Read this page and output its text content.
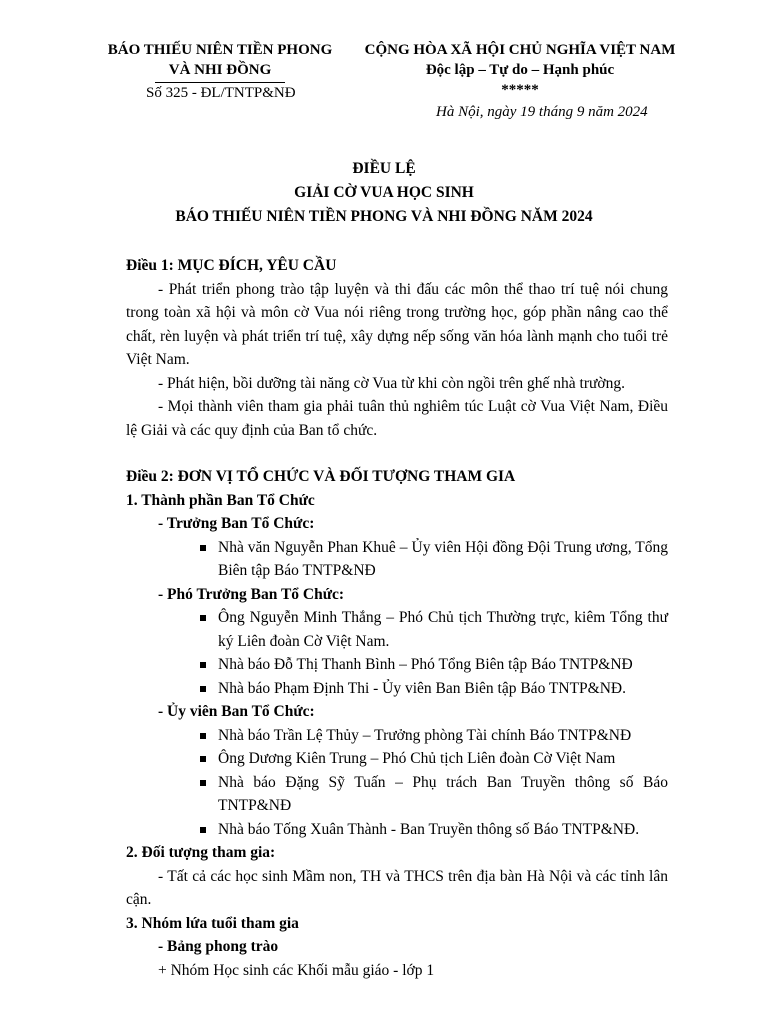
BÁO THIẾU NIÊN TIỀN PHONG
VÀ NHI ĐỒNG
Số 325 - ĐL/TNTP&NĐ
CỘNG HÒA XÃ HỘI CHỦ NGHĨA VIỆT NAM
Độc lập – Tự do – Hạnh phúc
*****
Hà Nội, ngày 19 tháng 9 năm 2024
ĐIỀU LỆ
GIẢI CỜ VUA HỌC SINH
BÁO THIẾU NIÊN TIỀN PHONG VÀ NHI ĐỒNG NĂM 2024

Điều 1: MỤC ĐÍCH, YÊU CẦU

- Phát triển phong trào tập luyện và thi đấu các môn thể thao trí tuệ nói chung trong toàn xã hội và môn cờ Vua nói riêng trong trường học, góp phần nâng cao thể chất, rèn luyện và phát triển trí tuệ, xây dựng nếp sống văn hóa lành mạnh cho tuổi trẻ Việt Nam.

- Phát hiện, bồi dưỡng tài năng cờ Vua từ khi còn ngồi trên ghế nhà trường.

- Mọi thành viên tham gia phải tuân thủ nghiêm túc Luật cờ Vua Việt Nam, Điều lệ Giải và các quy định của Ban tổ chức.

Điều 2: ĐƠN VỊ TỔ CHỨC VÀ ĐỐI TƯỢNG THAM GIA

1. Thành phần Ban Tổ Chức

- Trưởng Ban Tổ Chức:

Nhà văn Nguyễn Phan Khuê – Ủy viên Hội đồng Đội Trung ương, Tổng Biên tập Báo TNTP&NĐ

- Phó Trưởng Ban Tổ Chức:

Ông Nguyễn Minh Thắng – Phó Chủ tịch Thường trực, kiêm Tổng thư ký Liên đoàn Cờ Việt Nam.
Nhà báo Đỗ Thị Thanh Bình – Phó Tổng Biên tập Báo TNTP&NĐ
Nhà báo Phạm Định Thi - Ủy viên Ban Biên tập Báo TNTP&NĐ.

- Ủy viên Ban Tổ Chức:

Nhà báo Trần Lệ Thủy – Trưởng phòng Tài chính Báo TNTP&NĐ
Ông Dương Kiên Trung – Phó Chủ tịch Liên đoàn Cờ Việt Nam
Nhà báo Đặng Sỹ Tuấn – Phụ trách Ban Truyền thông số Báo TNTP&NĐ
Nhà báo Tống Xuân Thành - Ban Truyền thông số Báo TNTP&NĐ.

2. Đối tượng tham gia:

- Tất cả các học sinh Mầm non, TH và THCS trên địa bàn Hà Nội và các tỉnh lân cận.

3. Nhóm lứa tuổi tham gia

- Bảng phong trào

+ Nhóm Học sinh các Khối mẫu giáo - lớp 1
